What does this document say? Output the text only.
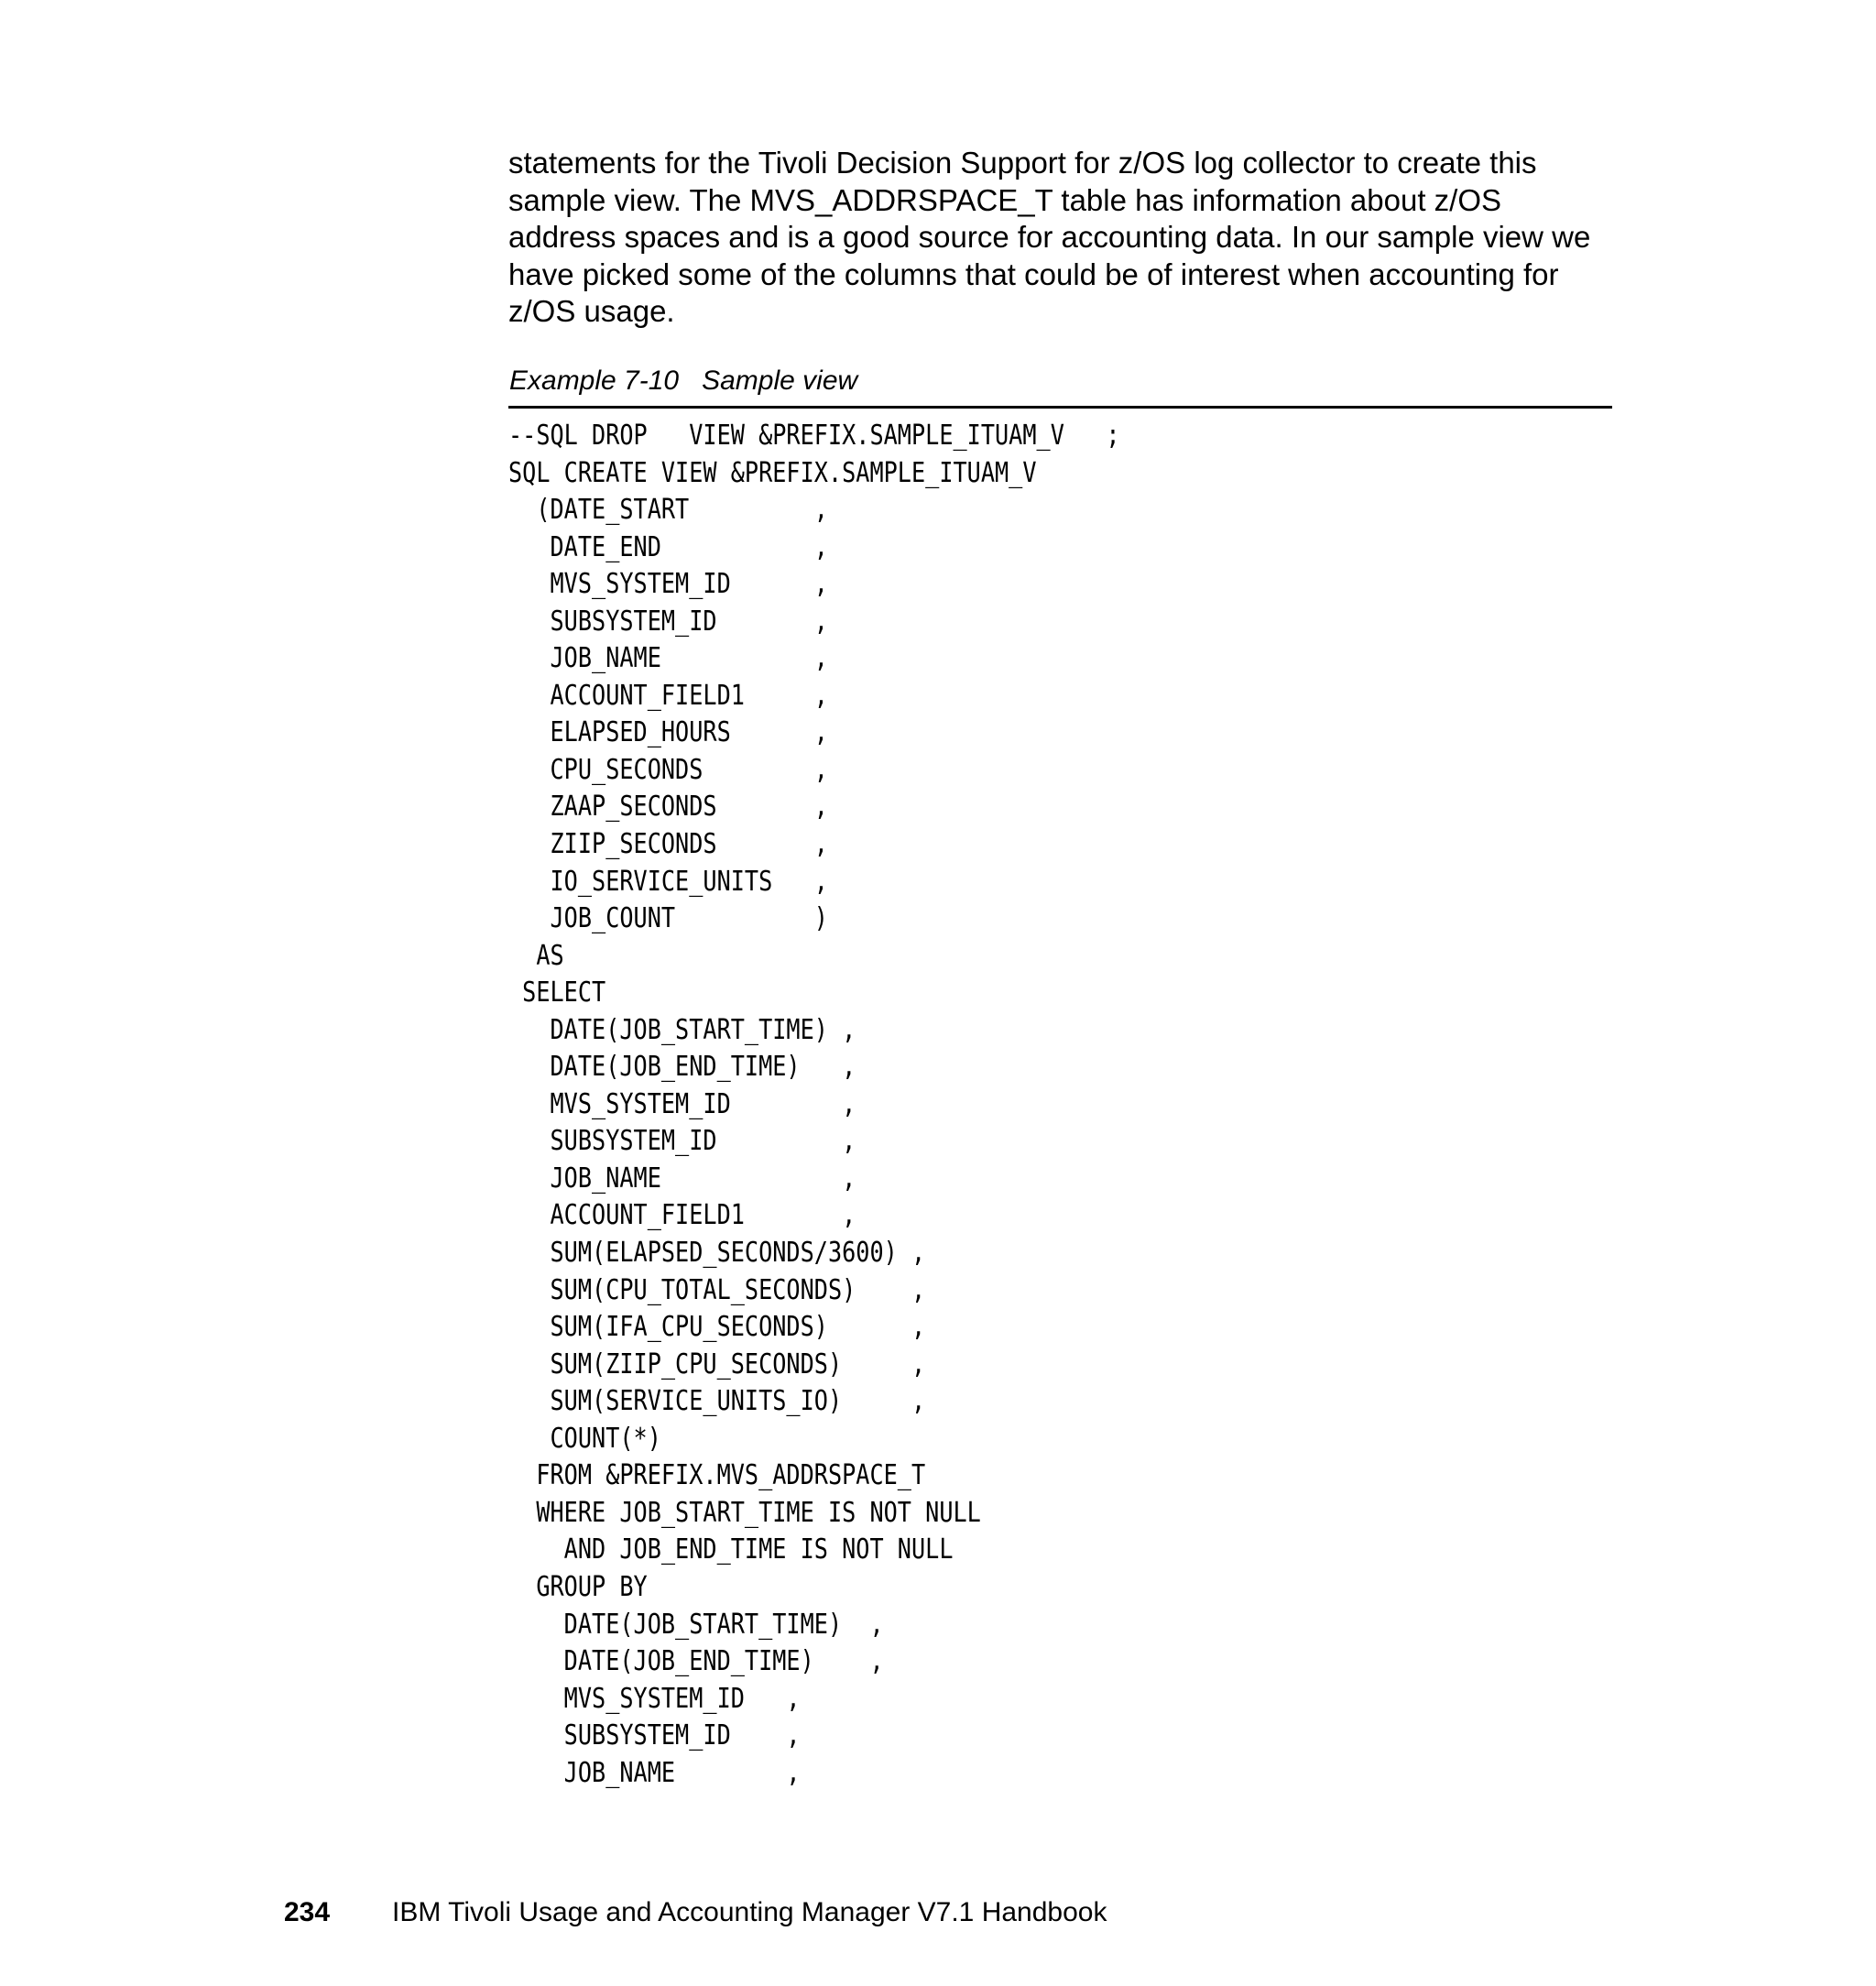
statements for the Tivoli Decision Support for z/OS log collector to create this
sample view. The MVS_ADDRSPACE_T table has information about z/OS
address spaces and is a good source for accounting data. In our sample view we
have picked some of the columns that could be of interest when accounting for
z/OS usage.
Example 7-10   Sample view
--SQL DROP   VIEW &PREFIX.SAMPLE_ITUAM_V   ;
SQL CREATE VIEW &PREFIX.SAMPLE_ITUAM_V
(DATE_START         ,
DATE_END           ,
MVS_SYSTEM_ID      ,
SUBSYSTEM_ID       ,
JOB_NAME           ,
ACCOUNT_FIELD1     ,
ELAPSED_HOURS      ,
CPU_SECONDS        ,
ZAAP_SECONDS       ,
ZIIP_SECONDS       ,
IO_SERVICE_UNITS   ,
JOB_COUNT          )
AS
SELECT
DATE(JOB_START_TIME) ,
DATE(JOB_END_TIME)   ,
MVS_SYSTEM_ID        ,
SUBSYSTEM_ID         ,
JOB_NAME             ,
ACCOUNT_FIELD1       ,
SUM(ELAPSED_SECONDS/3600) ,
SUM(CPU_TOTAL_SECONDS)    ,
SUM(IFA_CPU_SECONDS)      ,
SUM(ZIIP_CPU_SECONDS)     ,
SUM(SERVICE_UNITS_IO)     ,
COUNT(*)
FROM &PREFIX.MVS_ADDRSPACE_T
WHERE JOB_START_TIME IS NOT NULL
AND JOB_END_TIME IS NOT NULL
GROUP BY
DATE(JOB_START_TIME)  ,
DATE(JOB_END_TIME)    ,
MVS_SYSTEM_ID   ,
SUBSYSTEM_ID    ,
JOB_NAME        ,
234 IBM Tivoli Usage and Accounting Manager V7.1 Handbook
